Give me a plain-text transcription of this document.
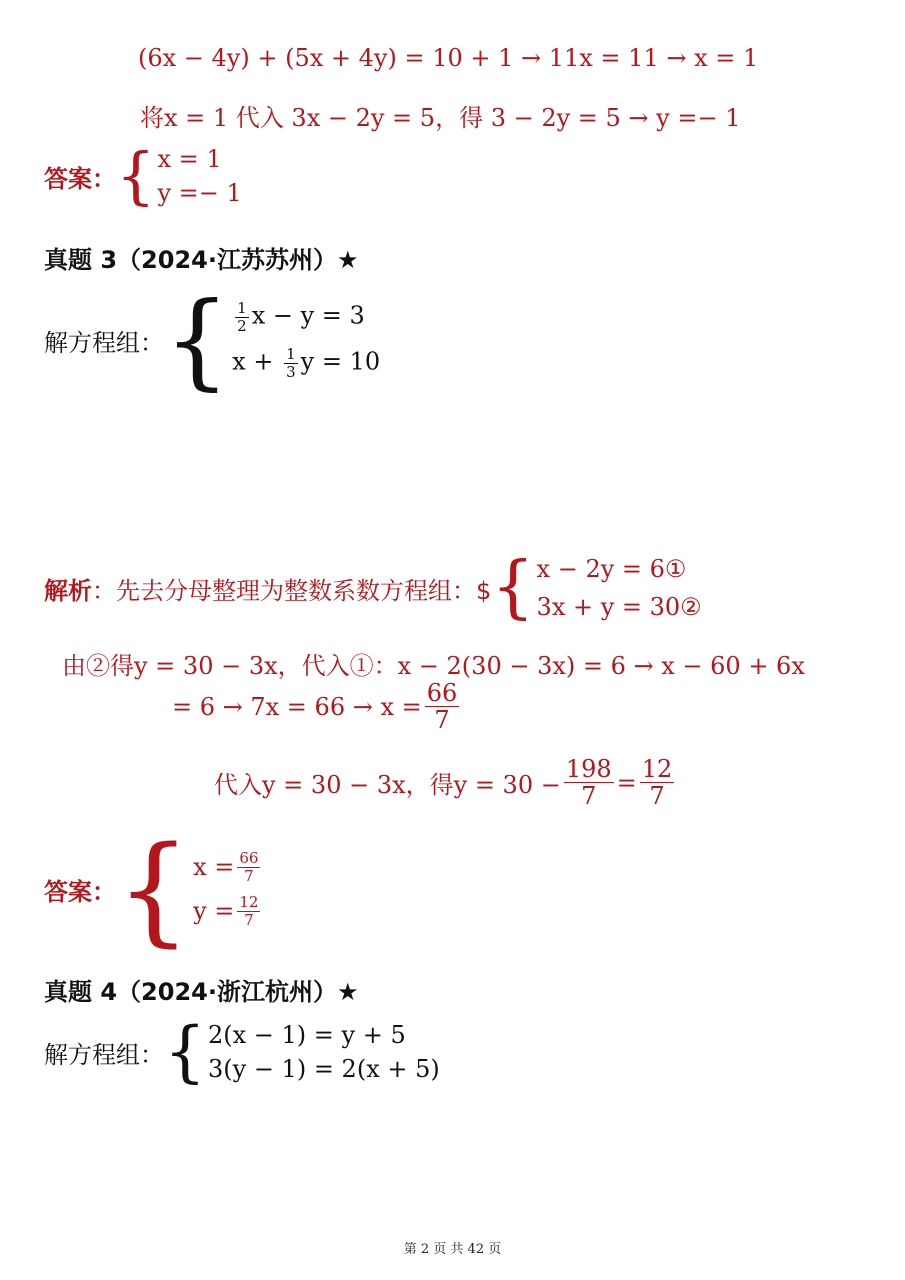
(6x − 4y) + (5x + 4y) = 10 + 1 → 11x = 11 → x = 1
将x = 1 代入 3x − 2y = 5，得 3 − 2y = 5 → y =− 1
答案： { x = 1
y =− 1
真题 3（2024·江苏苏州）★
解方程组： { $\frac{1}{2}$ x − y = 3
$x + \frac{1}{3}$ y = 10
解析 ：先去分母整理为整数系数方程组：$ { x − 2y = 6①
3x + y = 30②
由②得y = 30 − 3x，代入①：x − 2(30 − 3x) = 6 → x − 60 + 6x
= $6 \to 7x = 66 \to x = \frac{66}{7}$
代入y = 30 − 3x，得$y = 30 - \frac{198}{7} = \frac{12}{7}$
答案： { $x = \frac{66}{7}$
$y = \frac{12}{7}$
真题 4（2024·浙江杭州）★
解方程组： { 2(x − 1) = y + 5
3(y − 1) = 2(x + 5)
第 2 页 共 42 页
